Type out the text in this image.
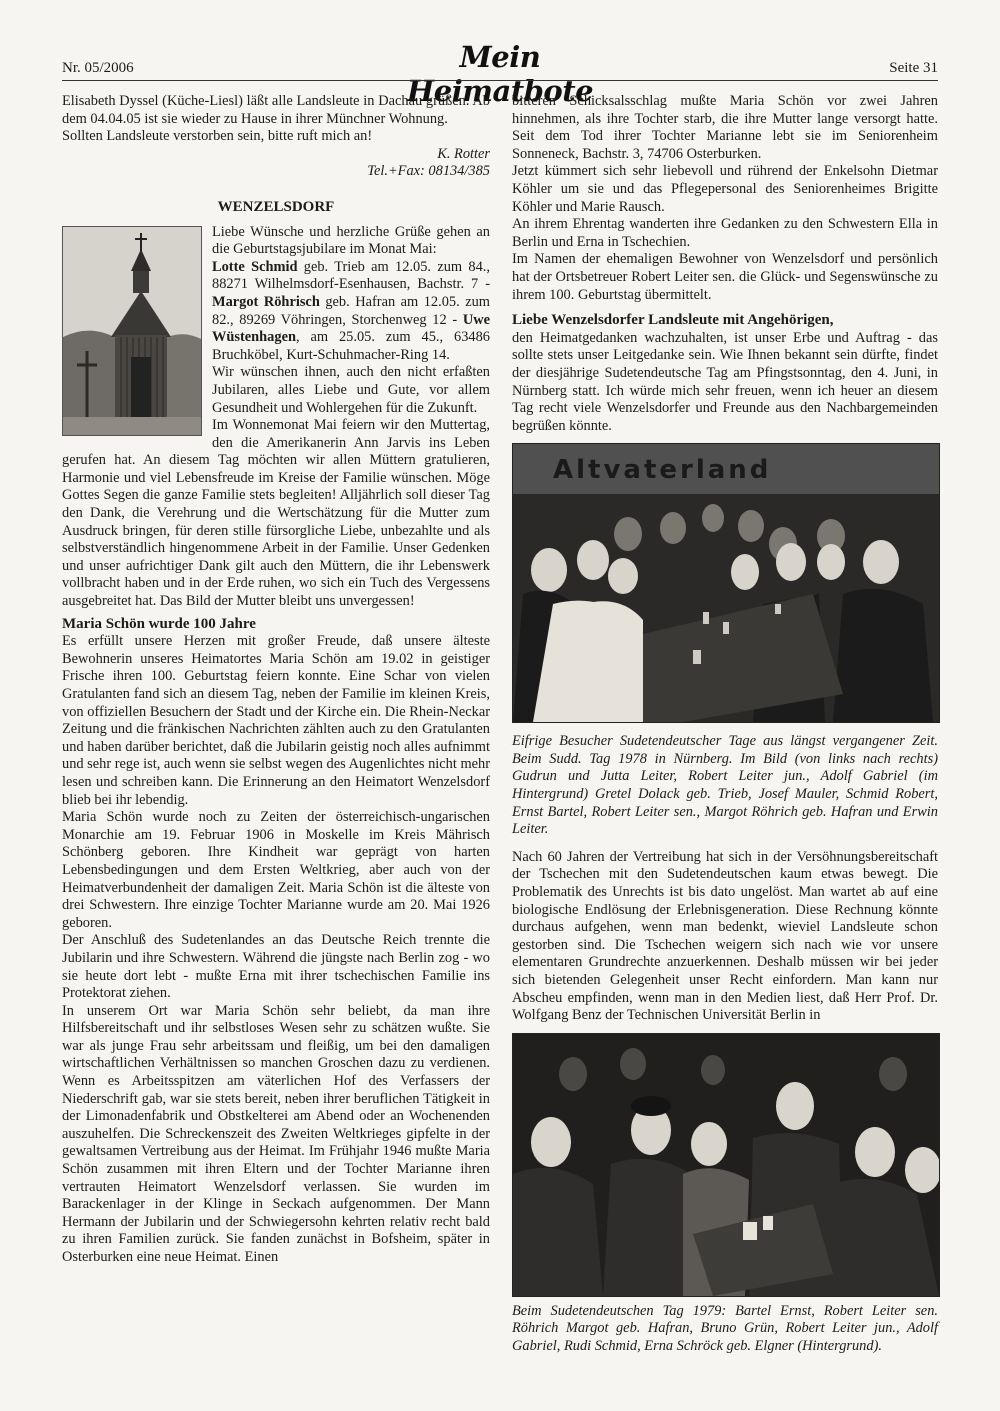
Nr. 05/2006	Mein Heimatbote
Seite 31

Elisabeth Dyssel (Küche-Liesl) läßt alle Landsleute in Dachau grüßen. Ab dem 04.04.05 ist sie wieder zu Hause in ihrer Münchner Wohnung.

Sollten Landsleute verstorben sein, bitte ruft mich an!

K. Rotter

Tel.+Fax: 08134/385

WENZELSDORF

Liebe Wünsche und herzliche Grüße gehen an die Geburtstagsjubilare im Monat Mai:

Lotte Schmid geb. Trieb am 12.05. zum 84., 88271 Wilhelmsdorf-Esenhausen, Bachstr. 7 - Margot Röhrisch geb. Hafran am 12.05. zum 82., 89269 Vöhringen, Storchenweg 12 - Uwe Wüstenhagen, am 25.05. zum 45., 63486 Bruchköbel, Kurt-Schuhmacher-Ring 14.

Wir wünschen ihnen, auch den nicht erfaßten Jubilaren, alles Liebe und Gute, vor allem Gesundheit und Wohlergehen für die Zukunft.

Im Wonnemonat Mai feiern wir den Muttertag, den die Amerikanerin Ann Jarvis ins Leben gerufen hat. An diesem Tag möchten wir allen Müttern gratulieren, Harmonie und viel Lebensfreude im Kreise der Familie wünschen. Möge Gottes Segen die ganze Familie stets begleiten! Alljährlich soll dieser Tag den Dank, die Verehrung und die Wertschätzung für die Mutter zum Ausdruck bringen, für deren stille fürsorgliche Liebe, unbezahlte und als selbstverständlich hingenommene Arbeit in der Familie. Unser Gedenken und unser aufrichtiger Dank gilt auch den Müttern, die ihr Lebenswerk vollbracht haben und in der Erde ruhen, wo sich ein Tuch des Vergessens ausgebreitet hat. Das Bild der Mutter bleibt uns unvergessen!

Maria Schön wurde 100 Jahre

Es erfüllt unsere Herzen mit großer Freude, daß unsere älteste Bewohnerin unseres Heimatortes Maria Schön am 19.02 in geistiger Frische ihren 100. Geburtstag feiern konnte. Eine Schar von vielen Gratulanten fand sich an diesem Tag, neben der Familie im kleinen Kreis, von offiziellen Besuchern der Stadt und der Kirche ein. Die Rhein-Neckar Zeitung und die fränkischen Nachrichten zählten auch zu den Gratulanten und haben darüber berichtet, daß die Jubilarin geistig noch alles aufnimmt und sehr rege ist, auch wenn sie selbst wegen des Augenlichtes nicht mehr lesen und schreiben kann. Die Erinnerung an den Heimatort Wenzelsdorf blieb bei ihr lebendig.

Maria Schön wurde noch zu Zeiten der österreichisch-ungarischen Monarchie am 19. Februar 1906 in Moskelle im Kreis Mährisch Schönberg geboren. Ihre Kindheit war geprägt von harten Lebensbedingungen und dem Ersten Weltkrieg, aber auch von der Heimatverbundenheit der damaligen Zeit. Maria Schön ist die älteste von drei Schwestern. Ihre einzige Tochter Marianne wurde am 20. Mai 1926 geboren.

Der Anschluß des Sudetenlandes an das Deutsche Reich trennte die Jubilarin und ihre Schwestern. Während die jüngste nach Berlin zog - wo sie heute dort lebt - mußte Erna mit ihrer tschechischen Familie ins Protektorat ziehen.

In unserem Ort war Maria Schön sehr beliebt, da man ihre Hilfsbereitschaft und ihr selbstloses Wesen sehr zu schätzen wußte. Sie war als junge Frau sehr arbeitssam und fleißig, um bei den damaligen wirtschaftlichen Verhältnissen so manchen Groschen dazu zu verdienen. Wenn es Arbeitsspitzen am väterlichen Hof des Verfassers der Niederschrift gab, war sie stets bereit, neben ihrer beruflichen Tätigkeit in der Limonadenfabrik und Obstkelterei am Abend oder an Wochenenden auszuhelfen. Die Schreckenszeit des Zweiten Weltkrieges gipfelte in der gewaltsamen Vertreibung aus der Heimat. Im Frühjahr 1946 mußte Maria Schön zusammen mit ihren Eltern und der Tochter Marianne ihren vertrauten Heimatort Wenzelsdorf verlassen. Sie wurden im Barackenlager in der Klinge in Seckach aufgenommen. Der Mann Hermann der Jubilarin und der Schwiegersohn kehrten relativ recht bald zu ihren Familien zurück. Sie fanden zunächst in Bofsheim, später in Osterburken eine neue Heimat. Einen

bitteren Schicksalsschlag mußte Maria Schön vor zwei Jahren hinnehmen, als ihre Tochter starb, die ihre Mutter lange versorgt hatte. Seit dem Tod ihrer Tochter Marianne lebt sie im Seniorenheim Sonneneck, Bachstr. 3, 74706 Osterburken.

Jetzt kümmert sich sehr liebevoll und rührend der Enkelsohn Dietmar Köhler um sie und das Pflegepersonal des Seniorenheimes Brigitte Köhler und Marie Rausch.

An ihrem Ehrentag wanderten ihre Gedanken zu den Schwestern Ella in Berlin und Erna in Tschechien.

Im Namen der ehemaligen Bewohner von Wenzelsdorf und persönlich hat der Ortsbetreuer Robert Leiter sen. die Glück- und Segenswünsche zu ihrem 100. Geburtstag übermittelt.

Liebe Wenzelsdorfer Landsleute mit Angehörigen,

den Heimatgedanken wachzuhalten, ist unser Erbe und Auftrag - das sollte stets unser Leitgedanke sein. Wie Ihnen bekannt sein dürfte, findet der diesjährige Sudetendeutsche Tag am Pfingstsonntag, den 4. Juni, in Nürnberg statt. Ich würde mich sehr freuen, wenn ich heuer an diesem Tag recht viele Wenzelsdorfer und Freunde aus den Nachbargemeinden begrüßen könnte.

Altvaterland

Eifrige Besucher Sudetendeutscher Tage aus längst vergangener Zeit. Beim Sudd. Tag 1978 in Nürnberg. Im Bild (von links nach rechts) Gudrun und Jutta Leiter, Robert Leiter jun., Adolf Gabriel (im Hintergrund) Gretel Dolack geb. Trieb, Josef Mauler, Schmid Robert, Ernst Bartel, Robert Leiter sen., Margot Röhrich geb. Hafran und Erwin Leiter.

Nach 60 Jahren der Vertreibung hat sich in der Versöhnungsbereitschaft der Tschechen mit den Sudetendeutschen kaum etwas bewegt. Die Problematik des Unrechts ist bis dato ungelöst. Man wartet ab auf eine biologische Endlösung der Erlebnisgeneration. Diese Rechnung könnte durchaus aufgehen, wenn man bedenkt, wieviel Landsleute schon gestorben sind. Die Tschechen weigern sich nach wie vor unsere elementaren Grundrechte anzuerkennen. Deshalb müssen wir bei jeder sich bietenden Gelegenheit unser Recht einfordern. Man kann nur Abscheu empfinden, wenn man in den Medien liest, daß Herr Prof. Dr. Wolfgang Benz der Technischen Universität Berlin in

Beim Sudetendeutschen Tag 1979: Bartel Ernst, Robert Leiter sen. Röhrich Margot geb. Hafran, Bruno Grün, Robert Leiter jun., Adolf Gabriel, Rudi Schmid, Erna Schröck geb. Elgner (Hintergrund).
